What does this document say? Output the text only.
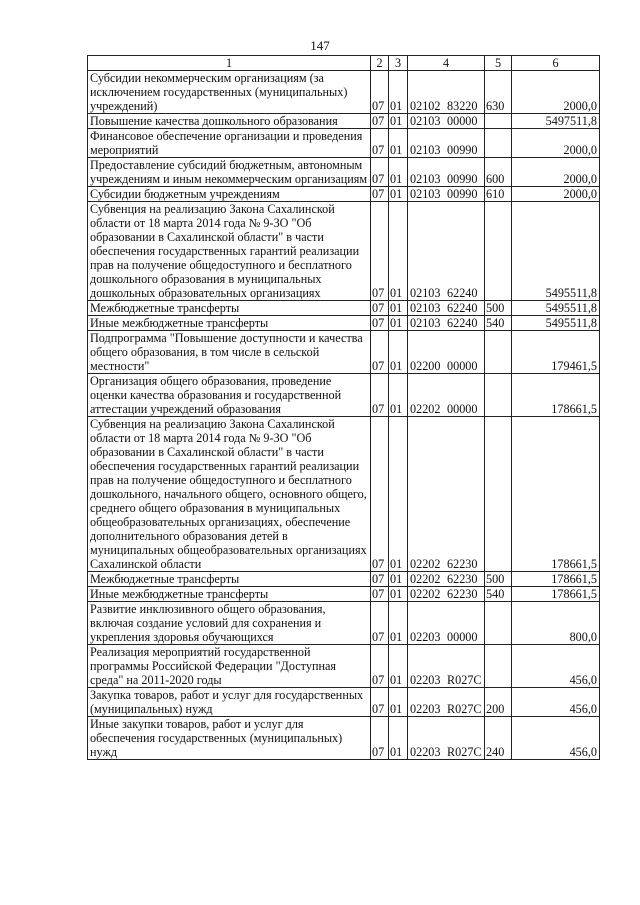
147
1	2	3	4	5	6
Субсидии некоммерческим организациям (за исключением государственных (муниципальных) учреждений)	07	01	02102 83220	630	2000,0
Повышение качества дошкольного образования	07	01	02103 00000		5497511,8
Финансовое обеспечение организации и проведения мероприятий	07	01	02103 00990		2000,0
Предоставление субсидий бюджетным, автономным учреждениям и иным некоммерческим организациям	07	01	02103 00990	600	2000,0
Субсидии бюджетным учреждениям	07	01	02103 00990	610	2000,0
Субвенция на реализацию Закона Сахалинской области от 18 марта 2014 года № 9-ЗО "Об образовании в Сахалинской области" в части обеспечения государственных гарантий реализации прав на получение общедоступного и бесплатного дошкольного образования в муниципальных дошкольных образовательных организациях	07	01	02103 62240		5495511,8
Межбюджетные трансферты	07	01	02103 62240	500	5495511,8
Иные межбюджетные трансферты	07	01	02103 62240	540	5495511,8
Подпрограмма "Повышение доступности и качества общего образования, в том числе в сельской местности"	07	01	02200 00000		179461,5
Организация общего образования, проведение оценки качества образования и государственной аттестации учреждений образования	07	01	02202 00000		178661,5
Субвенция на реализацию Закона Сахалинской области от 18 марта 2014 года № 9-ЗО "Об образовании в Сахалинской области" в части обеспечения государственных гарантий реализации прав на получение общедоступного и бесплатного дошкольного, начального общего, основного общего, среднего общего образования в муниципальных общеобразовательных организациях, обеспечение дополнительного образования детей в муниципальных общеобразовательных организациях Сахалинской области	07	01	02202 62230		178661,5
Межбюджетные трансферты	07	01	02202 62230	500	178661,5
Иные межбюджетные трансферты	07	01	02202 62230	540	178661,5
Развитие инклюзивного общего образования, включая создание условий для сохранения и укрепления здоровья обучающихся	07	01	02203 00000		800,0
Реализация мероприятий государственной программы Российской Федерации "Доступная среда" на 2011-2020 годы	07	01	02203 R027C		456,0
Закупка товаров, работ и услуг для государственных (муниципальных) нужд	07	01	02203 R027C	200	456,0
Иные закупки товаров, работ и услуг для обеспечения государственных (муниципальных) нужд	07	01	02203 R027C	240	456,0
